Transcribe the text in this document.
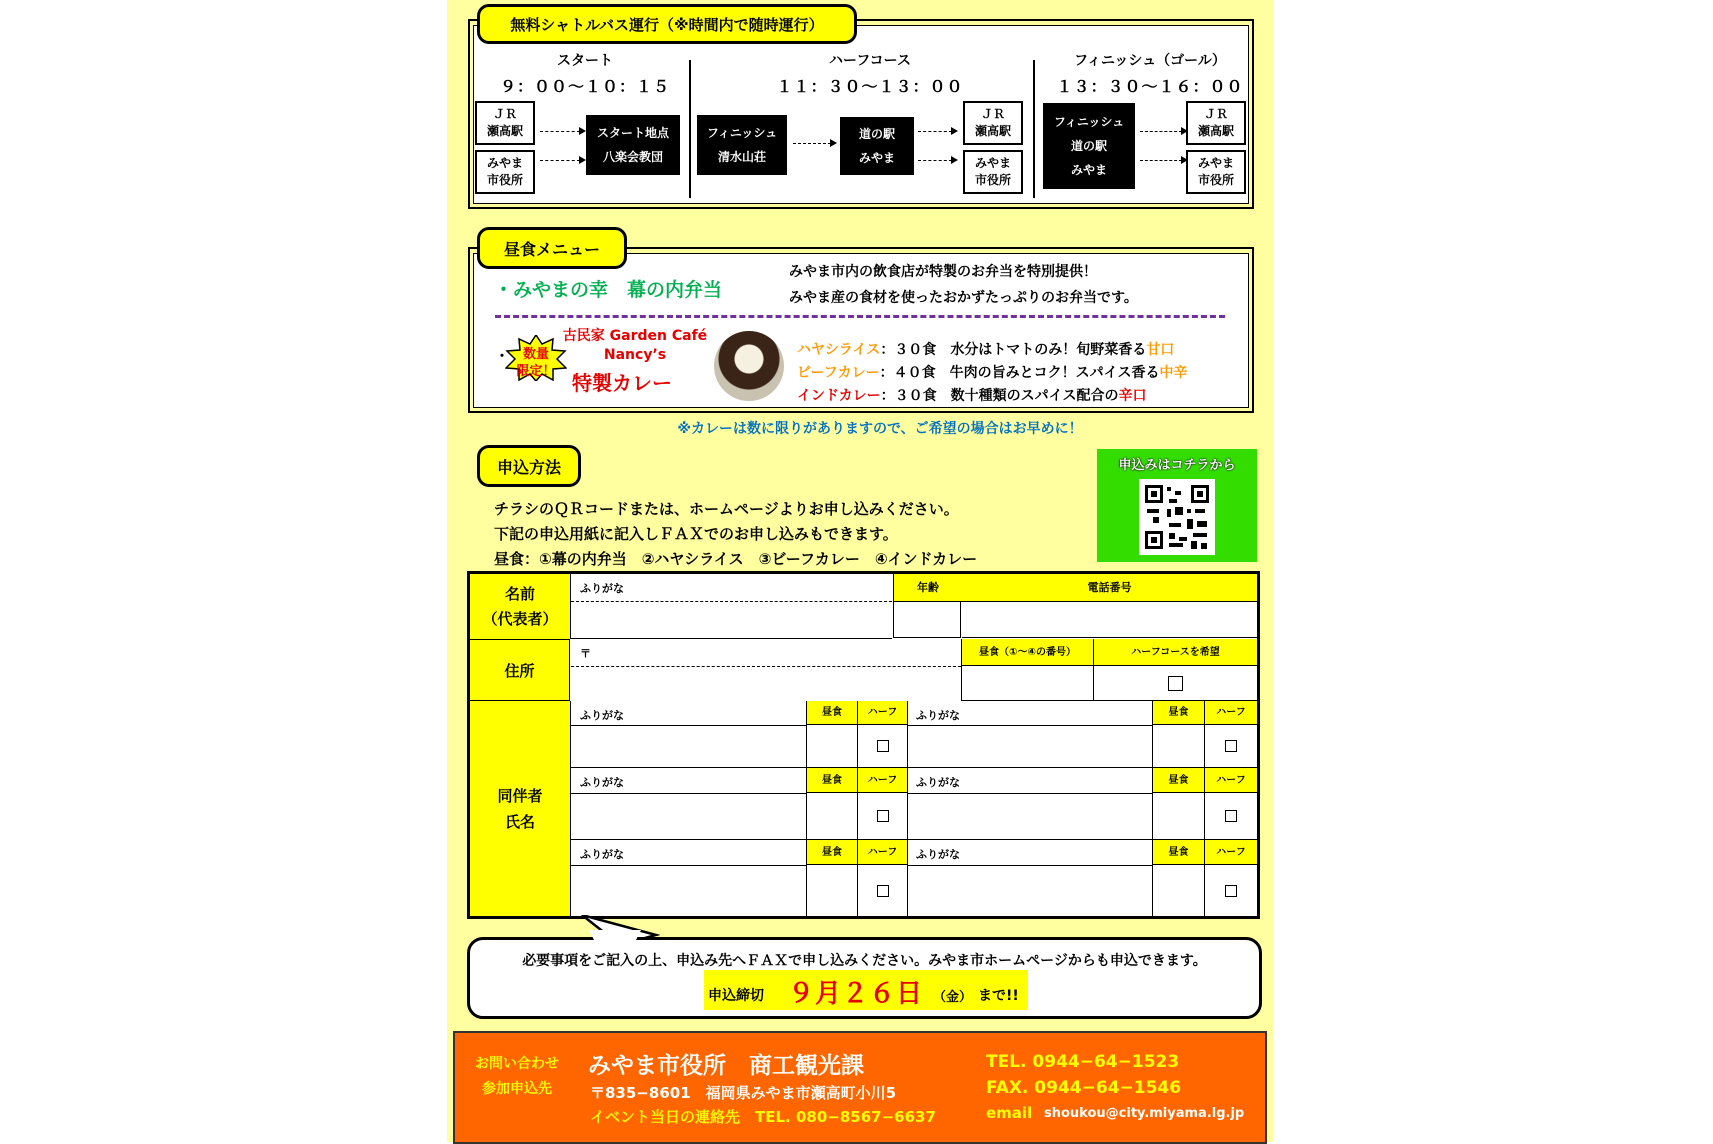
無料シャトルバス運行（※時間内で随時運行）
スタート
９：００〜１０：１５
ＪＲ
瀬高駅
みやま
市役所
スタート地点
八楽会教団
ハーフコース
１１：３０〜１３：００
フィニッシュ
清水山荘
道の駅
みやま
ＪＲ
瀬高駅
みやま
市役所
フィニッシュ（ゴール）
１３：３０〜１６：００
フィニッシュ
道の駅
みやま
ＪＲ
瀬高駅
みやま
市役所
昼食メニュー
・みやまの幸　幕の内弁当
みやま市内の飲食店が特製のお弁当を特別提供！
みやま産の食材を使ったおかずたっぷりのお弁当です。
・	数量
限定！
古民家 Garden Café
Nancy’s
特製カレー
ハヤシライス：３０食　 水分はトマトのみ！旬野菜香る甘口
ビーフカレー：４０食　 牛肉の旨みとコク！スパイス香る中辛
インドカレー：３０食　 数十種類のスパイス配合の辛口
※カレーは数に限りがありますので、ご希望の場合はお早めに！
申込方法	申込みはコチラから
チラシのＱＲコードまたは、ホームページよりお申し込みください。
下記の申込用紙に記入しＦＡＸでのお申し込みもできます。
昼食：①幕の内弁当　②ハヤシライス　③ビーフカレー　④インドカレー
名前
（代表者）
ふりがな	年齢	電話番号
住所
〒	昼食（①〜④の番号）	ハーフコースを希望
同伴者
氏名
ふりがな	昼食	ハーフ	ふりがな	昼食	ハーフ
ふりがな	昼食	ハーフ	ふりがな	昼食	ハーフ
ふりがな	昼食	ハーフ	ふりがな	昼食	ハーフ
必要事項をご記入の上、申込み先へＦＡＸで申し込みください。みやま市ホームページからも申込できます。
申込締切 ９月２６日 （金） まで!!
お問い合わせ
参加申込先
みやま市役所　商工観光課
〒835−8601　福岡県みやま市瀬高町小川5
イベント当日の連絡先　TEL. 080−8567−6637
TEL. 0944−64−1523
FAX. 0944−64−1546
email shoukou@city.miyama.lg.jp
